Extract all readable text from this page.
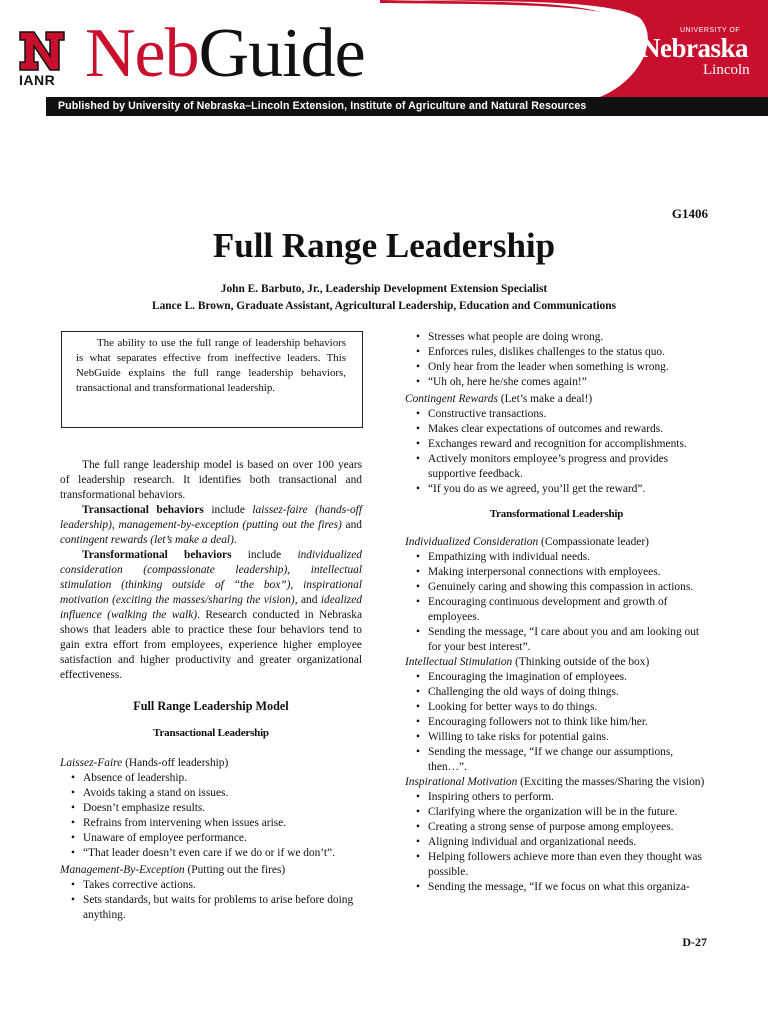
IANR NebGuide	UNIVERSITY OF
Nebraska
Lincoln
Published by University of Nebraska–Lincoln Extension, Institute of Agriculture and Natural Resources
G1406
Full Range Leadership
John E. Barbuto, Jr., Leadership Development Extension Specialist
Lance L. Brown, Graduate Assistant, Agricultural Leadership, Education and Communications
The ability to use the full range of leadership behaviors is what separates effective from ineffective leaders. This NebGuide explains the full range leadership behaviors, transactional and transformational leadership.

The full range leadership model is based on over 100 years of leadership research. It identifies both transactional and transformational behaviors.

Transactional behaviors include laissez-faire (hands-off leadership), management-by-exception (putting out the fires) and contingent rewards (let’s make a deal).

Transformational behaviors include individualized consideration (compassionate leadership), intellectual stimulation (thinking outside of “the box”), inspirational motivation (exciting the masses/sharing the vision), and idealized influence (walking the walk). Research conducted in Nebraska shows that leaders able to practice these four behaviors tend to gain extra effort from employees, experience higher employee satisfaction and higher productivity and greater organizational effectiveness.

Full Range Leadership Model
Transactional Leadership

Laissez-Faire (Hands-off leadership)

• Absence of leadership.
• Avoids taking a stand on issues.
• Doesn’t emphasize results.
• Refrains from intervening when issues arise.
• Unaware of employee performance.
• “That leader doesn’t even care if we do or if we don’t”.

Management-By-Exception (Putting out the fires)

• Takes corrective actions.
• Sets standards, but waits for problems to arise before doing anything.
• Stresses what people are doing wrong.
• Enforces rules, dislikes challenges to the status quo.
• Only hear from the leader when something is wrong.
• “Uh oh, here he/she comes again!”

Contingent Rewards (Let’s make a deal!)

• Constructive transactions.
• Makes clear expectations of outcomes and rewards.
• Exchanges reward and recognition for accomplishments.
• Actively monitors employee’s progress and provides supportive feedback.
• “If you do as we agreed, you’ll get the reward”.
Transformational Leadership

Individualized Consideration (Compassionate leader)

• Empathizing with individual needs.
• Making interpersonal connections with employees.
• Genuinely caring and showing this compassion in actions.
• Encouraging continuous development and growth of employees.
• Sending the message, “I care about you and am looking out for your best interest”.

Intellectual Stimulation (Thinking outside of the box)

• Encouraging the imagination of employees.
• Challenging the old ways of doing things.
• Looking for better ways to do things.
• Encouraging followers not to think like him/her.
• Willing to take risks for potential gains.
• Sending the message, “If we change our assumptions, then…”.

Inspirational Motivation (Exciting the masses/Sharing the vision)

• Inspiring others to perform.
• Clarifying where the organization will be in the future.
• Creating a strong sense of purpose among employees.
• Aligning individual and organizational needs.
• Helping followers achieve more than even they thought was possible.
• Sending the message, “If we focus on what this organiza-
D-27
